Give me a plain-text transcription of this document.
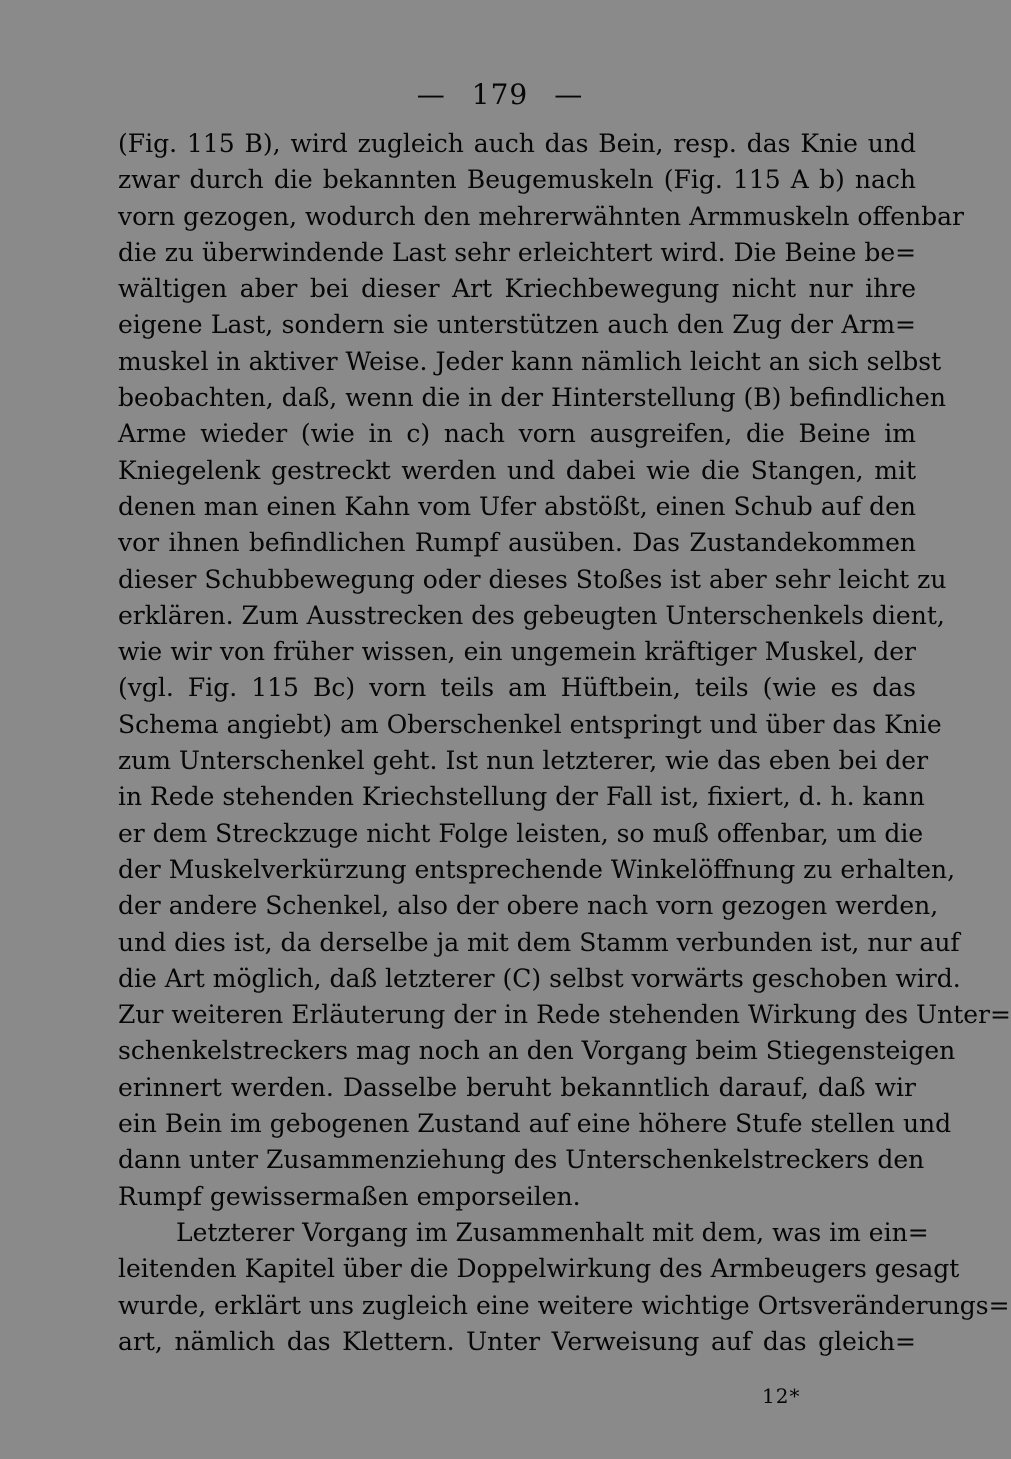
— 179 —
(Fig. 115 B), wird zugleich auch das Bein, resp. das Knie und
zwar durch die bekannten Beugemuskeln (Fig. 115 A b) nach
vorn gezogen, wodurch den mehrerwähnten Armmuskeln offenbar
die zu überwindende Last sehr erleichtert wird. Die Beine be=
wältigen aber bei dieser Art Kriechbewegung nicht nur ihre
eigene Last, sondern sie unterstützen auch den Zug der Arm=
muskel in aktiver Weise. Jeder kann nämlich leicht an sich selbst
beobachten, daß, wenn die in der Hinterstellung (B) befindlichen
Arme wieder (wie in c) nach vorn ausgreifen, die Beine im
Kniegelenk gestreckt werden und dabei wie die Stangen, mit
denen man einen Kahn vom Ufer abstößt, einen Schub auf den
vor ihnen befindlichen Rumpf ausüben. Das Zustandekommen
dieser Schubbewegung oder dieses Stoßes ist aber sehr leicht zu
erklären. Zum Ausstrecken des gebeugten Unterschenkels dient,
wie wir von früher wissen, ein ungemein kräftiger Muskel, der
(vgl. Fig. 115 Bc) vorn teils am Hüftbein, teils (wie es das
Schema angiebt) am Oberschenkel entspringt und über das Knie
zum Unterschenkel geht. Ist nun letzterer, wie das eben bei der
in Rede stehenden Kriechstellung der Fall ist, fixiert, d. h. kann
er dem Streckzuge nicht Folge leisten, so muß offenbar, um die
der Muskelverkürzung entsprechende Winkelöffnung zu erhalten,
der andere Schenkel, also der obere nach vorn gezogen werden,
und dies ist, da derselbe ja mit dem Stamm verbunden ist, nur auf
die Art möglich, daß letzterer (C) selbst vorwärts geschoben wird.
Zur weiteren Erläuterung der in Rede stehenden Wirkung des Unter=
schenkelstreckers mag noch an den Vorgang beim Stiegensteigen
erinnert werden. Dasselbe beruht bekanntlich darauf, daß wir
ein Bein im gebogenen Zustand auf eine höhere Stufe stellen und
dann unter Zusammenziehung des Unterschenkelstreckers den
Rumpf gewissermaßen emporseilen.
Letzterer Vorgang im Zusammenhalt mit dem, was im ein=
leitenden Kapitel über die Doppelwirkung des Armbeugers gesagt
wurde, erklärt uns zugleich eine weitere wichtige Ortsveränderungs=
art, nämlich das Klettern. Unter Verweisung auf das gleich=
12*
